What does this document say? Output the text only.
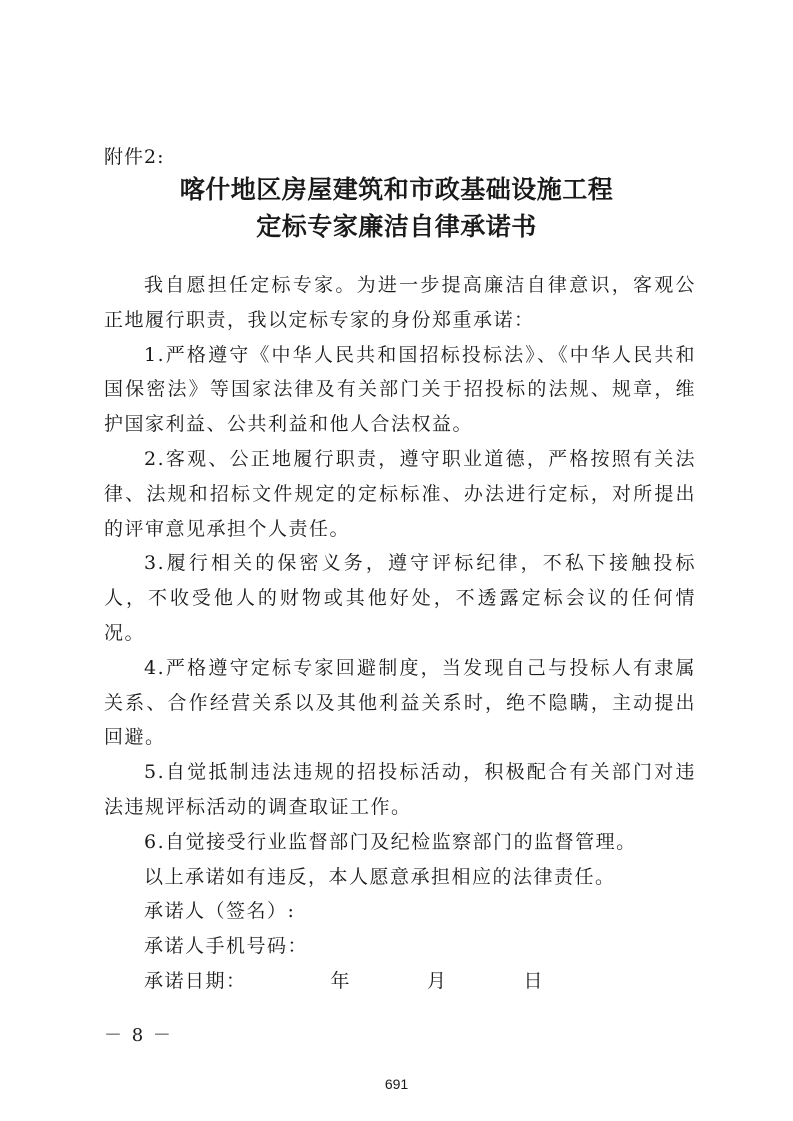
附件2:
喀什地区房屋建筑和市政基础设施工程
定标专家廉洁自律承诺书

我自愿担任定标专家。为进一步提高廉洁自律意识，客观公正地履行职责，我以定标专家的身份郑重承诺：

1.严格遵守《中华人民共和国招标投标法》、《中华人民共和国保密法》等国家法律及有关部门关于招投标的法规、规章，维护国家利益、公共利益和他人合法权益。

2.客观、公正地履行职责，遵守职业道德，严格按照有关法律、法规和招标文件规定的定标标准、办法进行定标，对所提出的评审意见承担个人责任。

3.履行相关的保密义务，遵守评标纪律，不私下接触投标人，不收受他人的财物或其他好处，不透露定标会议的任何情况。

4.严格遵守定标专家回避制度，当发现自己与投标人有隶属关系、合作经营关系以及其他利益关系时，绝不隐瞒，主动提出回避。

5.自觉抵制违法违规的招投标活动，积极配合有关部门对违法违规评标活动的调查取证工作。

6.自觉接受行业监督部门及纪检监察部门的监督管理。

以上承诺如有违反，本人愿意承担相应的法律责任。

承诺人（签名）:

承诺人手机号码：

承诺日期：	年	月	日

－ 8 －
691
